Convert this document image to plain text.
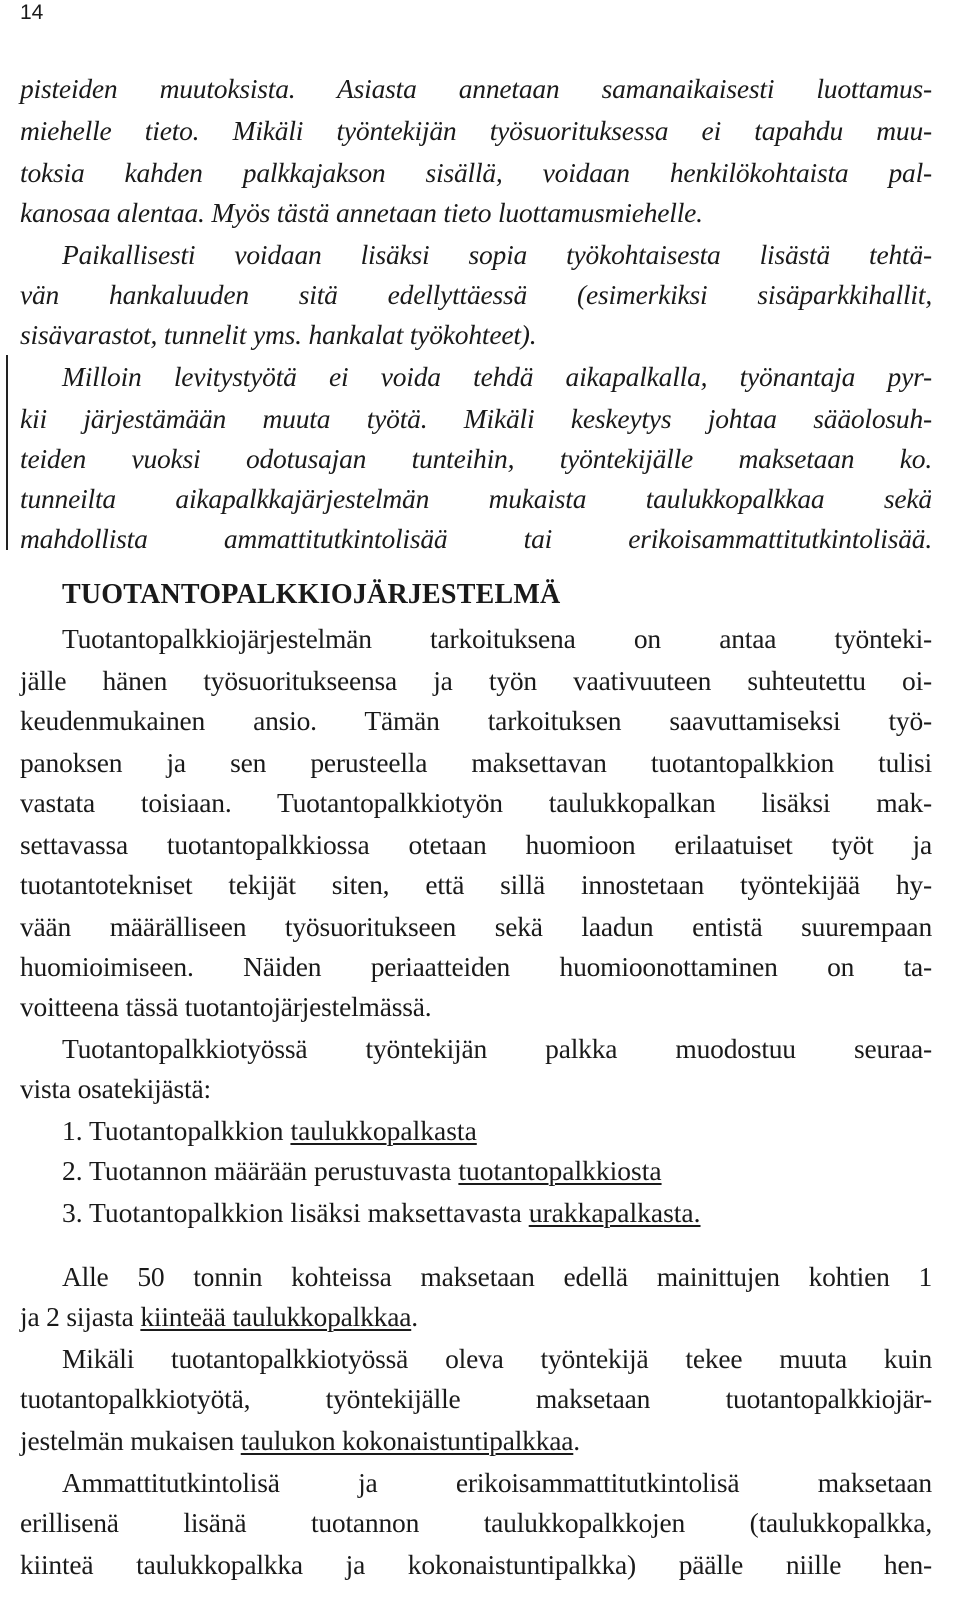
14
pisteiden muutoksista. Asiasta annetaan samanaikaisesti luottamus-
miehelle tieto. Mikäli työntekijän työsuorituksessa ei tapahdu muu-
toksia kahden palkkajakson sisällä, voidaan henkilökohtaista pal-
kanosaa alentaa. Myös tästä annetaan tieto luottamusmiehelle.
Paikallisesti voidaan lisäksi sopia työkohtaisesta lisästä tehtä-
vän hankaluuden sitä edellyttäessä (esimerkiksi sisäparkkihallit,
sisävarastot, tunnelit yms. hankalat työkohteet).
Milloin levitystyötä ei voida tehdä aikapalkalla, työnantaja pyr-
kii järjestämään muuta työtä. Mikäli keskeytys johtaa sääolosuh-
teiden vuoksi odotusajan tunteihin, työntekijälle maksetaan ko.
tunneilta aikapalkkajärjestelmän mukaista taulukkopalkkaa sekä
mahdollista ammattitutkintolisää tai erikoisammattitutkintolisää.
TUOTANTOPALKKIOJÄRJESTELMÄ
Tuotantopalkkiojärjestelmän tarkoituksena on antaa työnteki-
jälle hänen työsuoritukseensa ja työn vaativuuteen suhteutettu oi-
keudenmukainen ansio. Tämän tarkoituksen saavuttamiseksi työ-
panoksen ja sen perusteella maksettavan tuotantopalkkion tulisi
vastata toisiaan. Tuotantopalkkiotyön taulukkopalkan lisäksi mak-
settavassa tuotantopalkkiossa otetaan huomioon erilaatuiset työt ja
tuotantotekniset tekijät siten, että sillä innostetaan työntekijää hy-
vään määrälliseen työsuoritukseen sekä laadun entistä suurempaan
huomioimiseen. Näiden periaatteiden huomioonottaminen on ta-
voitteena tässä tuotantojärjestelmässä.
Tuotantopalkkiotyössä työntekijän palkka muodostuu seuraa-
vista osatekijästä:
1. Tuotantopalkkion taulukkopalkasta
2. Tuotannon määrään perustuvasta tuotantopalkkiosta
3. Tuotantopalkkion lisäksi maksettavasta urakkapalkasta.
Alle 50 tonnin kohteissa maksetaan edellä mainittujen kohtien 1
ja 2 sijasta kiinteää taulukkopalkkaa.
Mikäli tuotantopalkkiotyössä oleva työntekijä tekee muuta kuin
tuotantopalkkiotyötä, työntekijälle maksetaan tuotantopalkkiojär-
jestelmän mukaisen taulukon kokonaistuntipalkkaa.
Ammattitutkintolisä ja erikoisammattitutkintolisä maksetaan
erillisenä lisänä tuotannon taulukkopalkkojen (taulukkopalkka,
kiinteä taulukkopalkka ja kokonaistuntipalkka) päälle niille hen-
